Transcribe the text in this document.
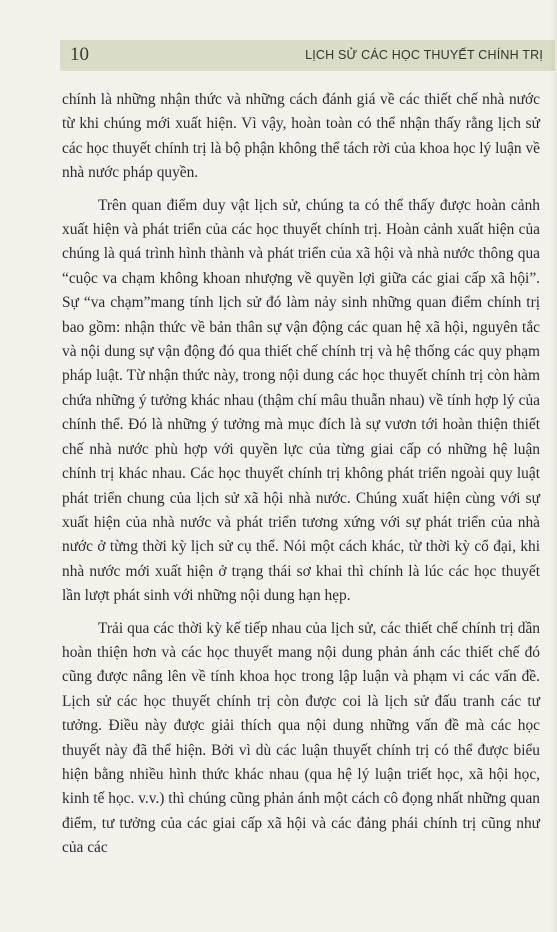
10	LỊCH SỬ CÁC HỌC THUYẾT CHÍNH TRỊ

chính là những nhận thức và những cách đánh giá về các thiết chế nhà nước từ khi chúng mới xuất hiện. Vì vậy, hoàn toàn có thể nhận thấy rằng lịch sử các học thuyết chính trị là bộ phận không thể tách rời của khoa học lý luận về nhà nước pháp quyền.

Trên quan điểm duy vật lịch sử, chúng ta có thể thấy được hoàn cảnh xuất hiện và phát triển của các học thuyết chính trị. Hoàn cảnh xuất hiện của chúng là quá trình hình thành và phát triển của xã hội và nhà nước thông qua “cuộc va chạm không khoan nhượng về quyền lợi giữa các giai cấp xã hội”. Sự “va chạm”mang tính lịch sử đó làm nảy sinh những quan điểm chính trị bao gồm: nhận thức về bản thân sự vận động các quan hệ xã hội, nguyên tắc và nội dung sự vận động đó qua thiết chế chính trị và hệ thống các quy phạm pháp luật. Từ nhận thức này, trong nội dung các học thuyết chính trị còn hàm chứa những ý tưởng khác nhau (thậm chí mâu thuẫn nhau) về tính hợp lý của chính thể. Đó là những ý tưởng mà mục đích là sự vươn tới hoàn thiện thiết chế nhà nước phù hợp với quyền lực của từng giai cấp có những hệ luận chính trị khác nhau. Các học thuyết chính trị không phát triển ngoài quy luật phát triển chung của lịch sử xã hội nhà nước. Chúng xuất hiện cùng với sự xuất hiện của nhà nước và phát triển tương xứng với sự phát triển của nhà nước ở từng thời kỳ lịch sử cụ thể. Nói một cách khác, từ thời kỳ cổ đại, khi nhà nước mới xuất hiện ở trạng thái sơ khai thì chính là lúc các học thuyết lần lượt phát sinh với những nội dung hạn hẹp.

Trải qua các thời kỳ kế tiếp nhau của lịch sử, các thiết chế chính trị dần hoàn thiện hơn và các học thuyết mang nội dung phản ánh các thiết chế đó cũng được nâng lên về tính khoa học trong lập luận và phạm vi các vấn đề. Lịch sử các học thuyết chính trị còn được coi là lịch sử đấu tranh các tư tưởng. Điều này được giải thích qua nội dung những vấn đề mà các học thuyết này đã thể hiện. Bởi vì dù các luận thuyết chính trị có thể được biểu hiện bằng nhiều hình thức khác nhau (qua hệ lý luận triết học, xã hội học, kinh tế học. v.v.) thì chúng cũng phản ánh một cách cô đọng nhất những quan điểm, tư tưởng của các giai cấp xã hội và các đảng phái chính trị cũng như của các
